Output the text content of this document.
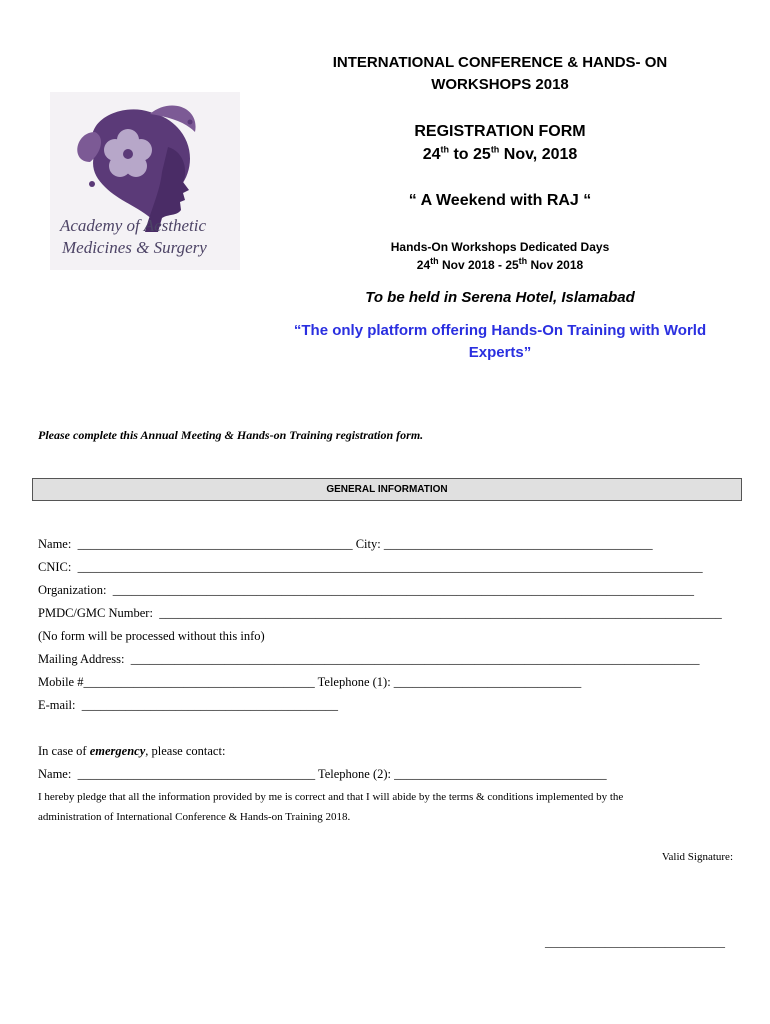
Academy of Aesthetic
Medicines & Surgery
INTERNATIONAL CONFERENCE & HANDS- ON
WORKSHOPS 2018
REGISTRATION FORM
24th to 25th Nov, 2018
“ A Weekend with RAJ “
Hands-On Workshops Dedicated Days
24th Nov 2018 - 25th Nov 2018
To be held in Serena Hotel, Islamabad
“The only platform offering Hands-On Training with World
Experts”
Please complete this Annual Meeting & Hands-on Training registration form.
GENERAL INFORMATION
Name:  ____________________________________________ City: ___________________________________________
CNIC:  ____________________________________________________________________________________________________
Organization:  _____________________________________________________________________________________________
PMDC/GMC Number:  __________________________________________________________________________________________
(No form will be processed without this info)
Mailing Address:  ___________________________________________________________________________________________
Mobile #_____________________________________ Telephone (1): ______________________________
E-mail:  _________________________________________
In case of emergency, please contact:
Name:  ______________________________________ Telephone (2): __________________________________
I hereby pledge that all the information provided by me is correct and that I will abide by the terms & conditions implemented by the
administration of International Conference & Hands-on Training 2018.
Valid Signature:
______________________________
